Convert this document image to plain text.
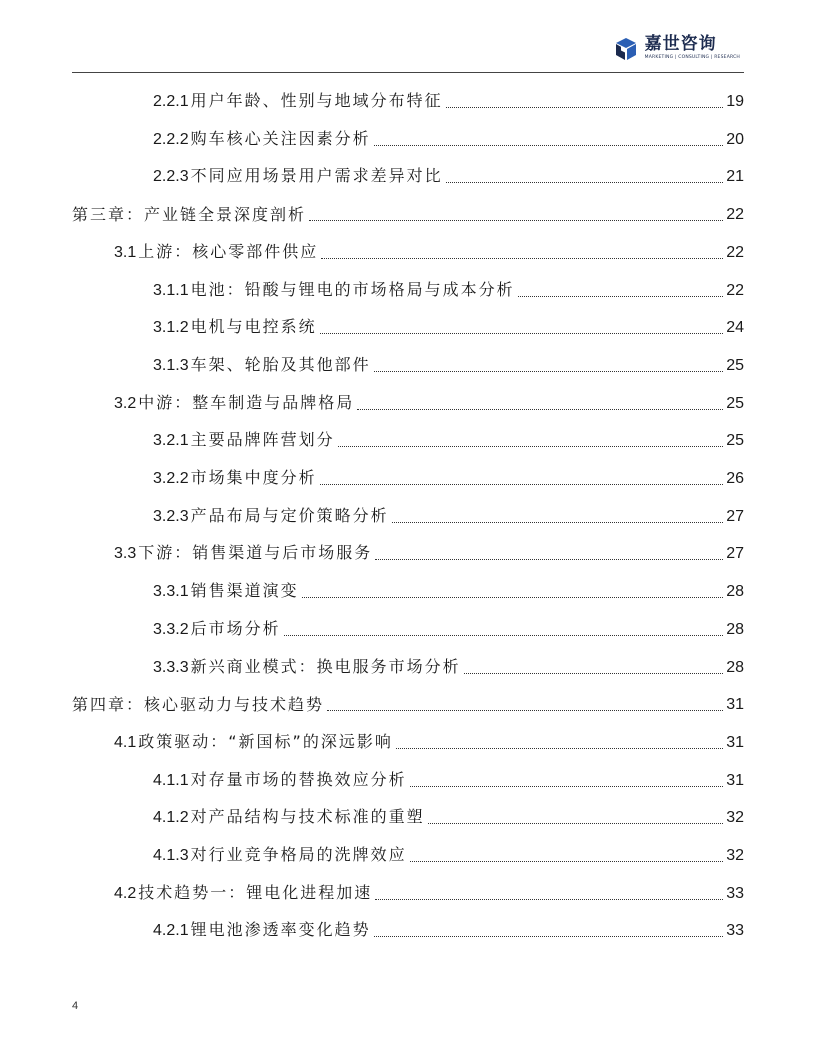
嘉世咨询
MARKETING | CONSULTING | RESEARCH
2.2.1 用户年龄、性别与地域分布特征	19
2.2.2 购车核心关注因素分析	20
2.2.3 不同应用场景用户需求差异对比	21
第三章：产业链全景深度剖析	22
3.1 上游：核心零部件供应	22
3.1.1 电池：铅酸与锂电的市场格局与成本分析	22
3.1.2 电机与电控系统	24
3.1.3 车架、轮胎及其他部件	25
3.2 中游：整车制造与品牌格局	25
3.2.1 主要品牌阵营划分	25
3.2.2 市场集中度分析	26
3.2.3 产品布局与定价策略分析	27
3.3 下游：销售渠道与后市场服务	27
3.3.1 销售渠道演变	28
3.3.2 后市场分析	28
3.3.3 新兴商业模式：换电服务市场分析	28
第四章：核心驱动力与技术趋势	31
4.1 政策驱动：“新国标”的深远影响	31
4.1.1 对存量市场的替换效应分析	31
4.1.2 对产品结构与技术标准的重塑	32
4.1.3 对行业竞争格局的洗牌效应	32
4.2 技术趋势一：锂电化进程加速	33
4.2.1 锂电池渗透率变化趋势	33
4
